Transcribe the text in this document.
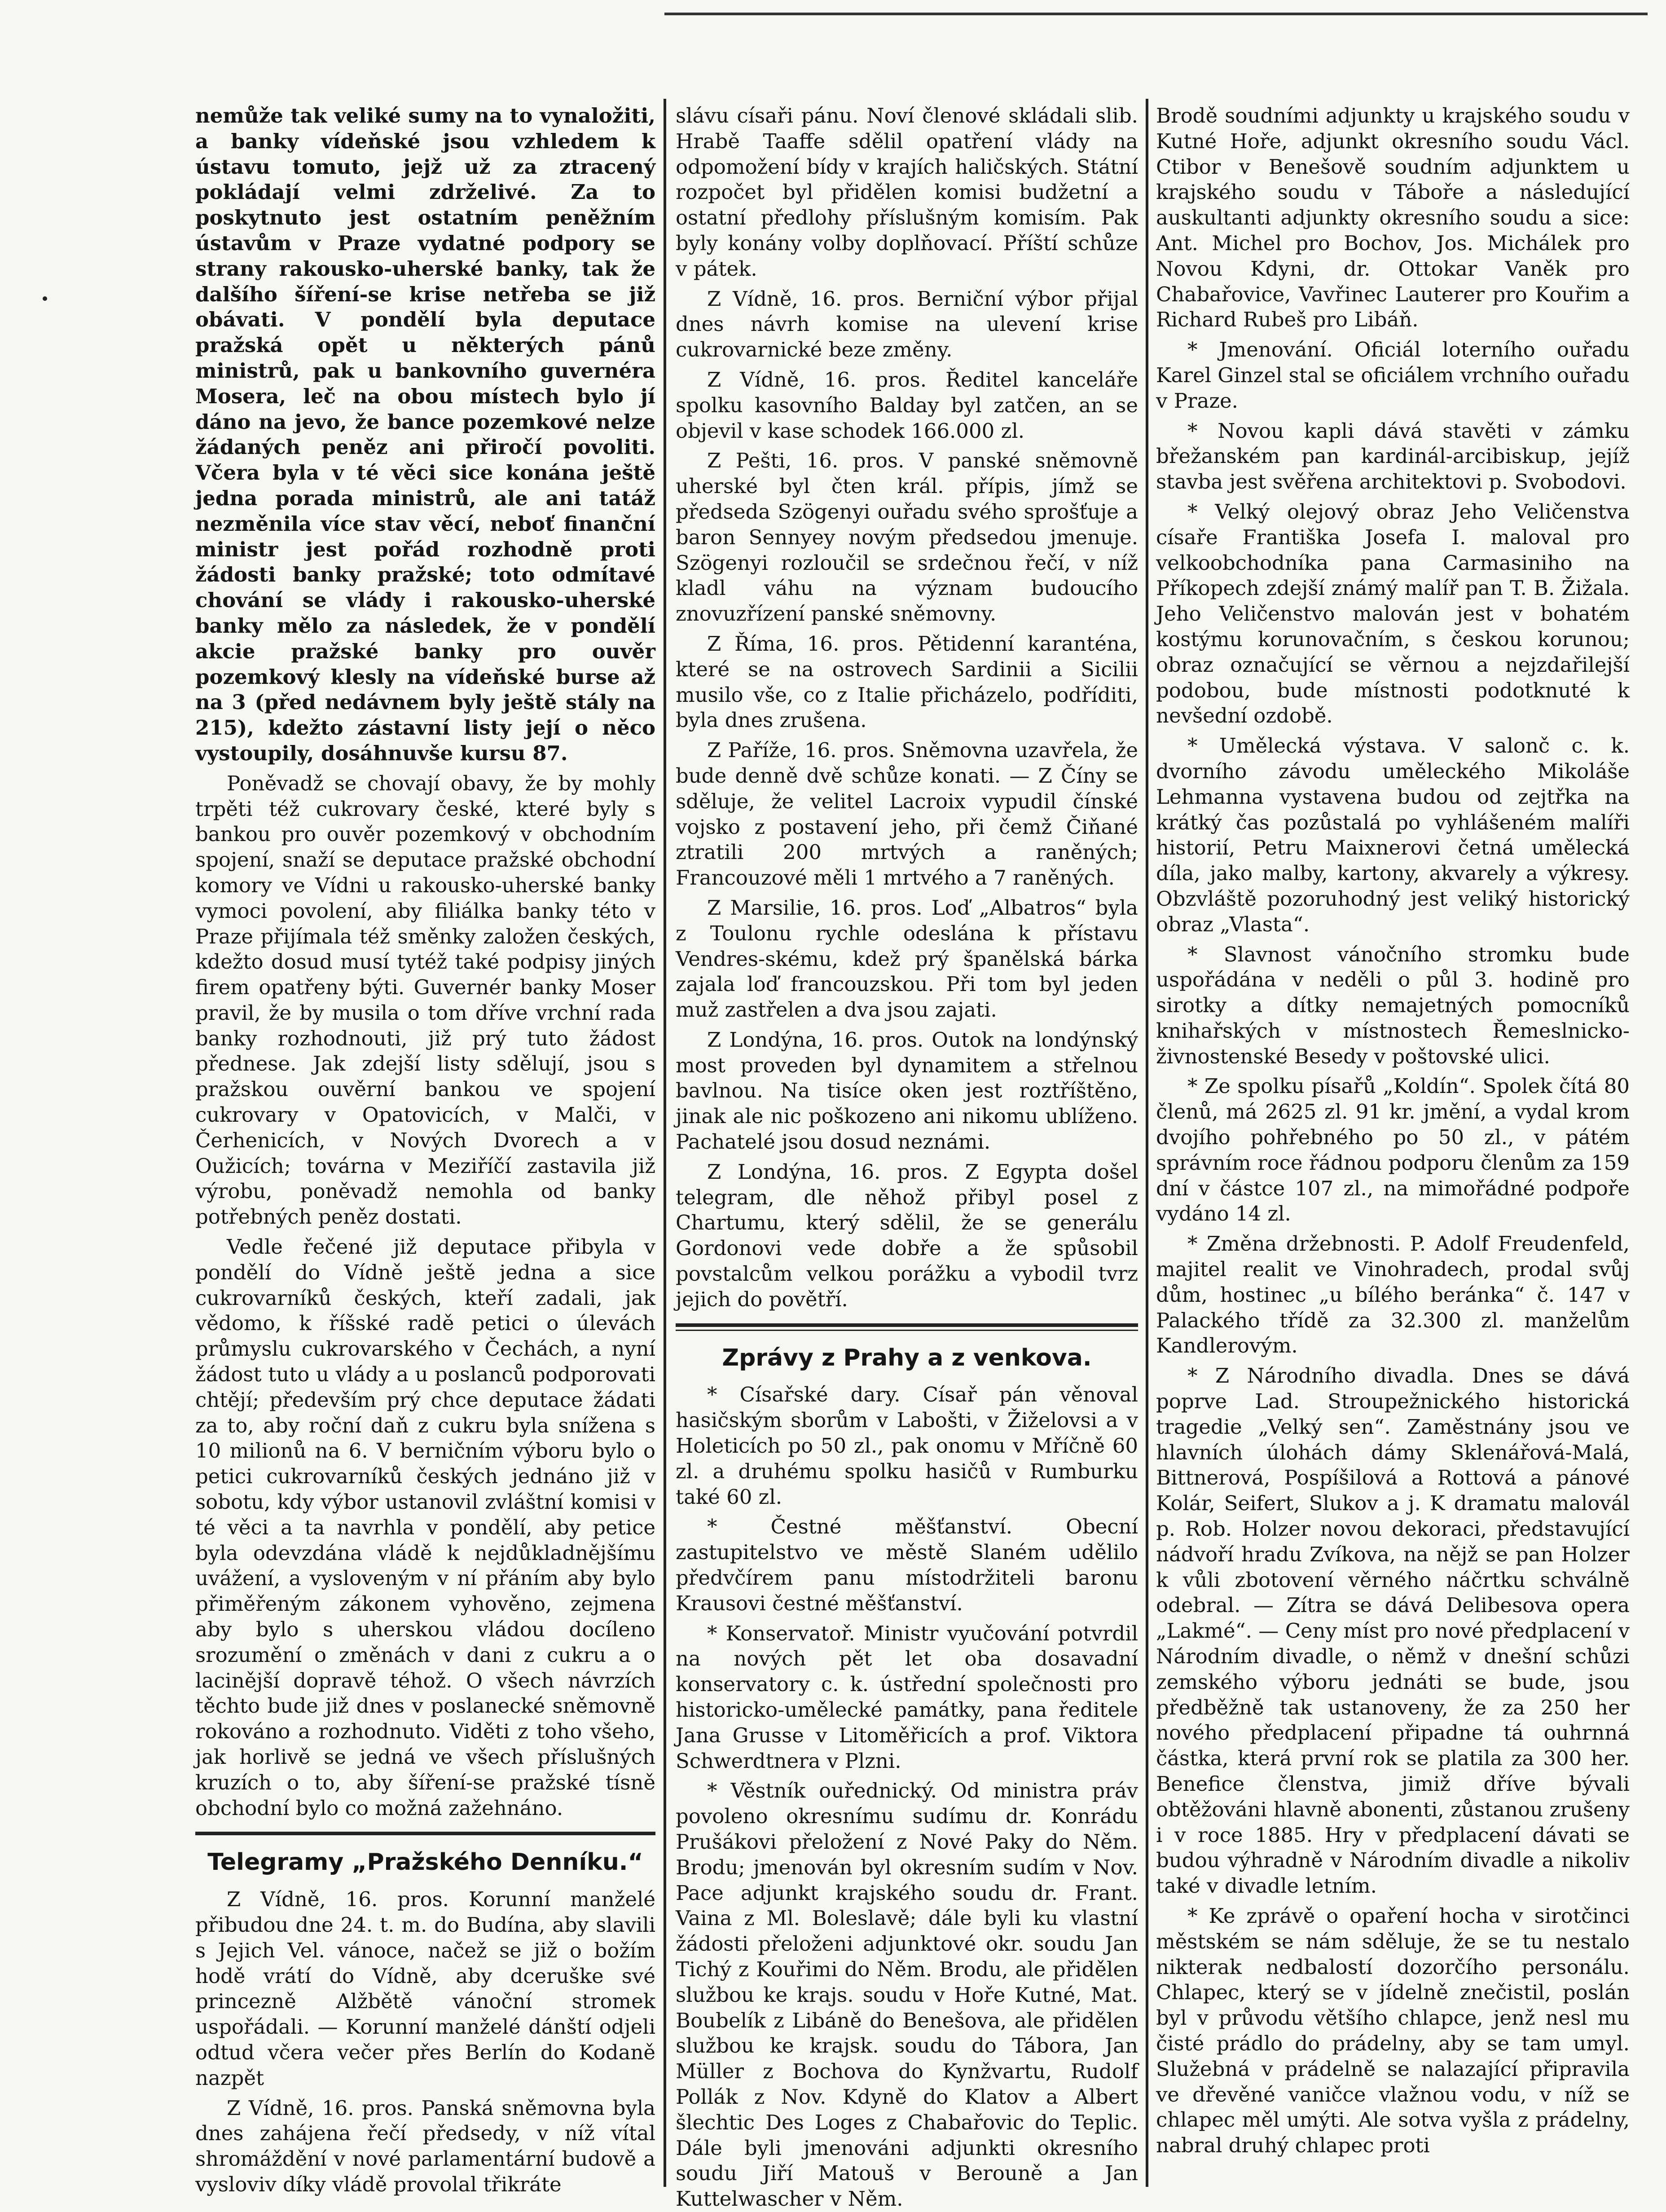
nemůže tak veliké sumy na to vynaložiti, a banky vídeňské jsou vzhledem k ústavu tomuto, jejž už za ztracený pokládají velmi zdrželivé. Za to poskytnuto jest ostatním peněžním ústavům v Praze vydatné podpory se strany rakousko-uherské banky, tak že dalšího šíření-se krise netřeba se již obávati. V pondělí byla deputace pražská opět u některých pánů ministrů, pak u bankovního guvernéra Mosera, leč na obou místech bylo jí dáno na jevo, že bance pozemkové nelze žádaných peněz ani přiročí povoliti. Včera byla v té věci sice konána ještě jedna porada ministrů, ale ani tatáž nezměnila více stav věcí, neboť finanční ministr jest pořád rozhodně proti žádosti banky pražské; toto odmítavé chování se vlády i rakousko-uherské banky mělo za následek, že v pondělí akcie pražské banky pro ouvěr pozemkový klesly na vídeňské burse až na 3 (před nedávnem byly ještě stály na 215), kdežto zástavní listy její o něco vystoupily, dosáhnuvše kursu 87.

Poněvadž se chovají obavy, že by mohly trpěti též cukrovary české, které byly s bankou pro ouvěr pozemkový v obchodním spojení, snaží se deputace pražské obchodní komory ve Vídni u rakousko-uherské banky vymoci povolení, aby filiálka banky této v Praze přijímala též směnky založen českých, kdežto dosud musí tytéž také podpisy jiných firem opatřeny býti. Guvernér banky Moser pravil, že by musila o tom dříve vrchní rada banky rozhodnouti, již prý tuto žádost přednese. Jak zdejší listy sdělují, jsou s pražskou ouvěrní bankou ve spojení cukrovary v Opatovicích, v Malči, v Čerhenicích, v Nových Dvorech a v Oužicích; továrna v Meziříčí zastavila již výrobu, poněvadž nemohla od banky potřebných peněz dostati.

Vedle řečené již deputace přibyla v pondělí do Vídně ještě jedna a sice cukrovarníků českých, kteří zadali, jak vědomo, k říšské radě petici o úlevách průmyslu cukrovarského v Čechách, a nyní žádost tuto u vlády a u poslanců podporovati chtějí; především prý chce deputace žádati za to, aby roční daň z cukru byla snížena s 10 milionů na 6. V berničním výboru bylo o petici cukrovarníků českých jednáno již v sobotu, kdy výbor ustanovil zvláštní komisi v té věci a ta navrhla v pondělí, aby petice byla odevzdána vládě k nejdůkladnějšímu uvážení, a vysloveným v ní přáním aby bylo přiměřeným zákonem vyhověno, zejmena aby bylo s uherskou vládou docíleno srozumění o změnách v dani z cukru a o lacinější dopravě téhož. O všech návrzích těchto bude již dnes v poslanecké sněmovně rokováno a rozhodnuto. Viděti z toho všeho, jak horlivě se jedná ve všech příslušných kruzích o to, aby šíření-se pražské tísně obchodní bylo co možná zažehnáno.

Telegramy „Pražského Denníku.“

Z Vídně, 16. pros. Korunní manželé přibudou dne 24. t. m. do Budína, aby slavili s Jejich Vel. vánoce, načež se již o božím hodě vrátí do Vídně, aby dceruške své princezně Alžbětě vánoční stromek uspořádali. — Korunní manželé dánští odjeli odtud včera večer přes Berlín do Kodaně nazpět

Z Vídně, 16. pros. Panská sněmovna byla dnes zahájena řečí předsedy, v níž vítal shromáždění v nové parlamentární budově a vysloviv díky vládě provolal třikráte

slávu císaři pánu. Noví členové skládali slib. Hrabě Taaffe sdělil opatření vlády na odpomožení bídy v krajích haličských. Státní rozpočet byl přidělen komisi budžetní a ostatní předlohy příslušným komisím. Pak byly konány volby doplňovací. Příští schůze v pátek.

Z Vídně, 16. pros. Berniční výbor přijal dnes návrh komise na ulevení krise cukrovarnické beze změny.

Z Vídně, 16. pros. Ředitel kanceláře spolku kasovního Balday byl zatčen, an se objevil v kase schodek 166.000 zl.

Z Pešti, 16. pros. V panské sněmovně uherské byl čten král. přípis, jímž se předseda Szögenyi ouřadu svého sprošťuje a baron Sennyey novým předsedou jmenuje. Szögenyi rozloučil se srdečnou řečí, v níž kladl váhu na význam budoucího znovuzřízení panské sněmovny.

Z Říma, 16. pros. Pětidenní karanténa, které se na ostrovech Sardinii a Sicilii musilo vše, co z Italie přicházelo, podříditi, byla dnes zrušena.

Z Paříže, 16. pros. Sněmovna uzavřela, že bude denně dvě schůze konati. — Z Číny se sděluje, že velitel Lacroix vypudil čínské vojsko z postavení jeho, při čemž Čiňané ztratili 200 mrtvých a raněných; Francouzové měli 1 mrtvého a 7 raněných.

Z Marsilie, 16. pros. Loď „Albatros“ byla z Toulonu rychle odeslána k přístavu Vendres-skému, kdež prý španělská bárka zajala loď francouzskou. Při tom byl jeden muž zastřelen a dva jsou zajati.

Z Londýna, 16. pros. Outok na londýnský most proveden byl dynamitem a střelnou bavlnou. Na tisíce oken jest roztříštěno, jinak ale nic poškozeno ani nikomu ublíženo. Pachatelé jsou dosud neznámi.

Z Londýna, 16. pros. Z Egypta došel telegram, dle něhož přibyl posel z Chartumu, který sdělil, že se generálu Gordonovi vede dobře a že spůsobil povstalcům velkou porážku a vybodil tvrz jejich do povětří.

Zprávy z Prahy a z venkova.

* Císařské dary. Císař pán věnoval hasičským sborům v Labošti, v Žiželovsi a v Holeticích po 50 zl., pak onomu v Mříčně 60 zl. a druhému spolku hasičů v Rumburku také 60 zl.

* Čestné měšťanství. Obecní zastupitelstvo ve městě Slaném udělilo předvčírem panu místodržiteli baronu Krausovi čestné měšťanství.

* Konservatoř. Ministr vyučování potvrdil na nových pět let oba dosavadní konservatory c. k. ústřední společnosti pro historicko-umělecké památky, pana ředitele Jana Grusse v Litoměřicích a prof. Viktora Schwerdtnera v Plzni.

* Věstník ouřednický. Od ministra práv povoleno okresnímu sudímu dr. Konrádu Prušákovi přeložení z Nové Paky do Něm. Brodu; jmenován byl okresním sudím v Nov. Pace adjunkt krajského soudu dr. Frant. Vaina z Ml. Boleslavě; dále byli ku vlastní žádosti přeloženi adjunktové okr. soudu Jan Tichý z Kouřimi do Něm. Brodu, ale přidělen službou ke krajs. soudu v Hoře Kutné, Mat. Boubelík z Libáně do Benešova, ale přidělen službou ke krajsk. soudu do Tábora, Jan Müller z Bochova do Kynžvartu, Rudolf Pollák z Nov. Kdyně do Klatov a Albert šlechtic Des Loges z Chabařovic do Teplic. Dále byli jmenováni adjunkti okresního soudu Jiří Matouš v Berouně a Jan Kuttelwascher v Něm.

Brodě soudními adjunkty u krajského soudu v Kutné Hoře, adjunkt okresního soudu Václ. Ctibor v Benešově soudním adjunktem u krajského soudu v Táboře a následující auskultanti adjunkty okresního soudu a sice: Ant. Michel pro Bochov, Jos. Michálek pro Novou Kdyni, dr. Ottokar Vaněk pro Chabařovice, Vavřinec Lauterer pro Kouřim a Richard Rubeš pro Libáň.

* Jmenování. Oficiál loterního ouřadu Karel Ginzel stal se oficiálem vrchního ouřadu v Praze.

* Novou kapli dává stavěti v zámku břežanském pan kardinál-arcibiskup, jejíž stavba jest svěřena architektovi p. Svobodovi.

* Velký olejový obraz Jeho Veličenstva císaře Františka Josefa I. maloval pro velkoobchodníka pana Carmasiniho na Příkopech zdejší známý malíř pan T. B. Žižala. Jeho Veličenstvo malován jest v bohatém kostýmu korunovačním, s českou korunou; obraz označující se věrnou a nejzdařilejší podobou, bude místnosti podotknuté k nevšední ozdobě.

* Umělecká výstava. V salonč c. k. dvorního závodu uměleckého Mikoláše Lehmanna vystavena budou od zejtřka na krátký čas pozůstalá po vyhlášeném malíři historií, Petru Maixnerovi četná umělecká díla, jako malby, kartony, akvarely a výkresy. Obzvláště pozoruhodný jest veliký historický obraz „Vlasta“.

* Slavnost vánočního stromku bude uspořádána v neděli o půl 3. hodině pro sirotky a dítky nemajetných pomocníků knihařských v místnostech Řemeslnicko-živnostenské Besedy v poštovské ulici.

* Ze spolku písařů „Koldín“. Spolek čítá 80 členů, má 2625 zl. 91 kr. jmění, a vydal krom dvojího pohřebného po 50 zl., v pátém správním roce řádnou podporu členům za 159 dní v částce 107 zl., na mimořádné podpoře vydáno 14 zl.

* Změna držebnosti. P. Adolf Freudenfeld, majitel realit ve Vinohradech, prodal svůj dům, hostinec „u bílého beránka“ č. 147 v Palackého třídě za 32.300 zl. manželům Kandlerovým.

* Z Národního divadla. Dnes se dává poprve Lad. Stroupežnického historická tragedie „Velký sen“. Zaměstnány jsou ve hlavních úlohách dámy Sklenářová-Malá, Bittnerová, Pospíšilová a Rottová a pánové Kolár, Seifert, Slukov a j. K dramatu malovál p. Rob. Holzer novou dekoraci, představující nádvoří hradu Zvíkova, na nějž se pan Holzer k vůli zbotovení věrného náčrtku schválně odebral. — Zítra se dává Delibesova opera „Lakmé“. — Ceny míst pro nové předplacení v Národním divadle, o němž v dnešní schůzi zemského výboru jednáti se bude, jsou předběžně tak ustanoveny, že za 250 her nového předplacení připadne tá ouhrnná částka, která první rok se platila za 300 her. Benefice členstva, jimiž dříve bývali obtěžováni hlavně abonenti, zůstanou zrušeny i v roce 1885. Hry v předplacení dávati se budou výhradně v Národním divadle a nikoliv také v divadle letním.

* Ke zprávě o opaření hocha v sirotčinci městském se nám sděluje, že se tu nestalo nikterak nedbalostí dozorčího personálu. Chlapec, který se v jídelně znečistil, poslán byl v průvodu většího chlapce, jenž nesl mu čisté prádlo do prádelny, aby se tam umyl. Služebná v prádelně se nalazající připravila ve dřevěné vaničce vlažnou vodu, v níž se chlapec měl umýti. Ale sotva vyšla z prádelny, nabral druhý chlapec proti
